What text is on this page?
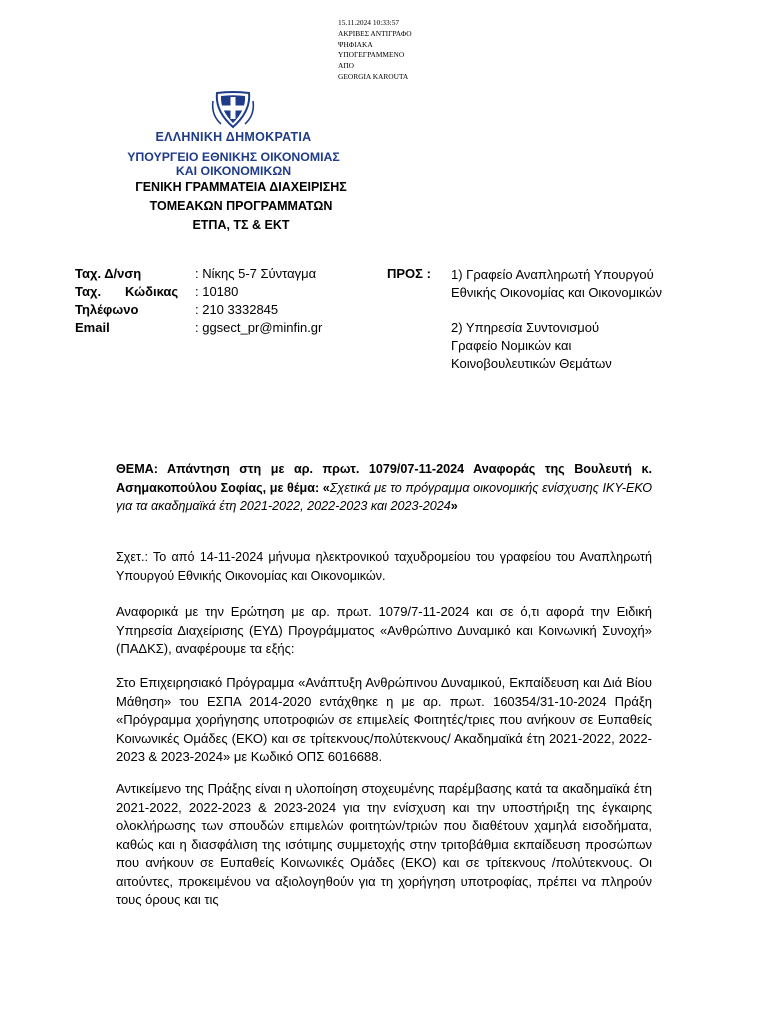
15.11.2024 10:33:57
ΑΚΡΙΒΕΣ ΑΝΤΙΓΡΑΦΟ
ΨΗΦΙΑΚΑ
ΥΠΟΓΕΓΡΑΜΜΕΝΟ
ΑΠΟ
GEORGIA KAROUTA
ΕΛΛΗΝΙΚΗ ΔΗΜΟΚΡΑΤΙΑ
ΥΠΟΥΡΓΕΙΟ ΕΘΝΙΚΗΣ ΟΙΚΟΝΟΜΙΑΣ
ΚΑΙ ΟΙΚΟΝΟΜΙΚΩΝ
ΓΕΝΙΚΗ ΓΡΑΜΜΑΤΕΙΑ ΔΙΑΧΕΙΡΙΣΗΣ
ΤΟΜΕΑΚΩΝ ΠΡΟΓΡΑΜΜΑΤΩΝ
ΕΤΠΑ, ΤΣ & ΕΚΤ
Ταχ. Δ/νση	: Νίκης 5-7 Σύνταγμα
Ταχ. Κώδικας : 10180
Τηλέφωνο	: 210 3332845
Email	: ggsect_pr@minfin.gr
ΠΡΟΣ : 1) Γραφείο Αναπληρωτή Υπουργού
Εθνικής Οικονομίας και Οικονομικών
2) Υπηρεσία Συντονισμού
Γραφείο Νομικών και
Κοινοβουλευτικών Θεμάτων
ΘΕΜΑ: Απάντηση στη με αρ. πρωτ. 1079/07-11-2024 Αναφοράς της Βουλευτή κ. Ασημακοπούλου Σοφίας, με θέμα: «Σχετικά με το πρόγραμμα οικονομικής ενίσχυσης ΙΚΥ-ΕΚΟ για τα ακαδημαϊκά έτη 2021-2022, 2022-2023 και 2023-2024»
Σχετ.: Το από 14-11-2024 μήνυμα ηλεκτρονικού ταχυδρομείου του γραφείου του Αναπληρωτή Υπουργού Εθνικής Οικονομίας και Οικονομικών.
Αναφορικά με την Ερώτηση με αρ. πρωτ. 1079/7-11-2024 και σε ό,τι αφορά την Ειδική Υπηρεσία Διαχείρισης (ΕΥΔ) Προγράμματος «Ανθρώπινο Δυναμικό και Κοινωνική Συνοχή» (ΠΑΔΚΣ), αναφέρουμε τα εξής:
Στο Επιχειρησιακό Πρόγραμμα «Ανάπτυξη Ανθρώπινου Δυναμικού, Εκπαίδευση και Διά Βίου Μάθηση» του ΕΣΠΑ 2014-2020 εντάχθηκε η με αρ. πρωτ. 160354/31-10-2024 Πράξη «Πρόγραμμα χορήγησης υποτροφιών σε επιμελείς Φοιτητές/τριες που ανήκουν σε Ευπαθείς Κοινωνικές Ομάδες (ΕΚΟ) και σε τρίτεκνους/πολύτεκνους/ Ακαδημαϊκά έτη 2021-2022, 2022-2023 & 2023-2024» με Κωδικό ΟΠΣ 6016688.
Αντικείμενο της Πράξης είναι η υλοποίηση στοχευμένης παρέμβασης κατά τα ακαδημαϊκά έτη 2021-2022, 2022-2023 & 2023-2024 για την ενίσχυση και την υποστήριξη της έγκαιρης ολοκλήρωσης των σπουδών επιμελών φοιτητών/τριών που διαθέτουν χαμηλά εισοδήματα, καθώς και η διασφάλιση της ισότιμης συμμετοχής στην τριτοβάθμια εκπαίδευση προσώπων που ανήκουν σε Ευπαθείς Κοινωνικές Ομάδες (ΕΚΟ) και σε τρίτεκνους /πολύτεκνους. Οι αιτούντες, προκειμένου να αξιολογηθούν για τη χορήγηση υποτροφίας, πρέπει να πληρούν τους όρους και τις
